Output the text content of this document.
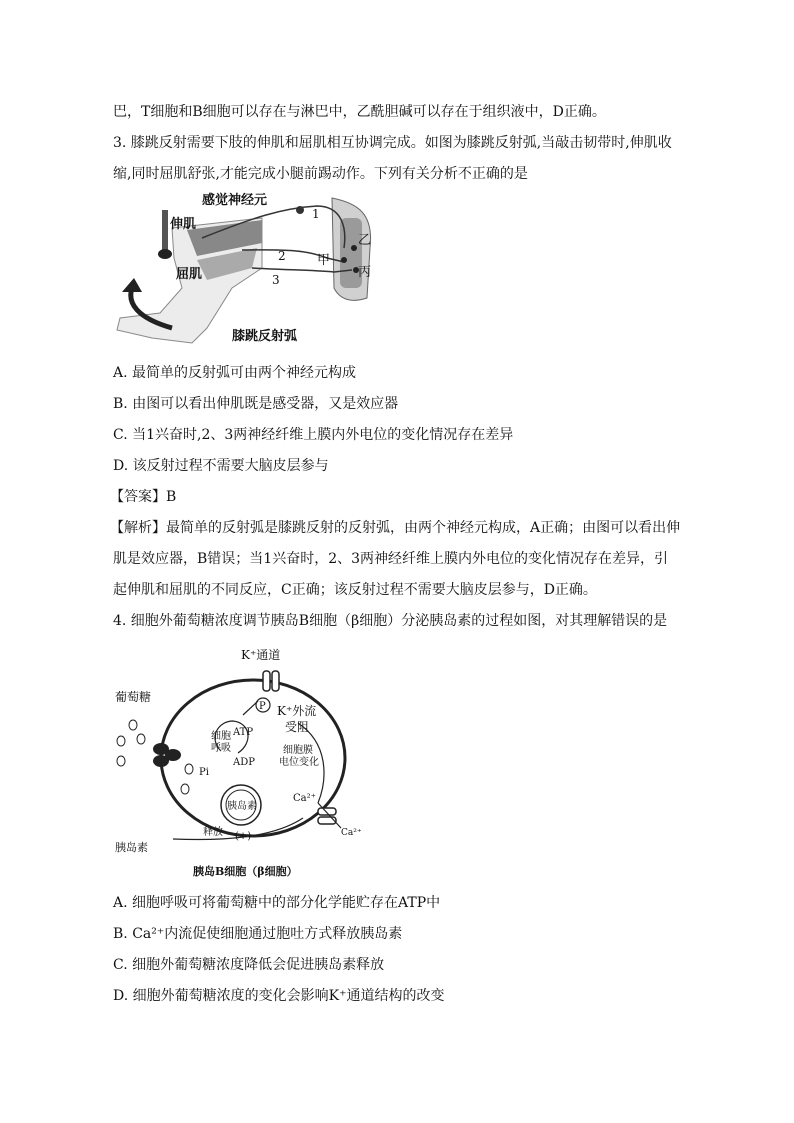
巴，T细胞和B细胞可以存在与淋巴中，乙酰胆碱可以存在于组织液中，D正确。
3. 膝跳反射需要下肢的伸肌和屈肌相互协调完成。如图为膝跳反射弧,当敲击韧带时,伸肌收
缩,同时屈肌舒张,才能完成小腿前踢动作。下列有关分析不正确的是
感觉神经元
伸肌
屈肌
1
2
3
甲
乙
丙
膝跳反射弧
A. 最简单的反射弧可由两个神经元构成
B. 由图可以看出伸肌既是感受器，又是效应器
C. 当1兴奋时,2、3两神经纤维上膜内外电位的变化情况存在差异
D. 该反射过程不需要大脑皮层参与
【答案】B
【解析】最简单的反射弧是膝跳反射的反射弧，由两个神经元构成，A正确；由图可以看出伸
肌是效应器，B错误；当1兴奋时，2、3两神经纤维上膜内外电位的变化情况存在差异，引
起伸肌和屈肌的不同反应，C正确；该反射过程不需要大脑皮层参与，D正确。
4. 细胞外葡萄糖浓度调节胰岛B细胞（β细胞）分泌胰岛素的过程如图，对其理解错误的是
P
K⁺通道
K⁺外流
受阻
葡萄糖
细胞
呼吸
ATP
ADP
Pi
细胞膜
电位变化
Ca²⁺
Ca²⁺
胰岛素
释放 (+)
胰岛素
胰岛B细胞（β细胞）
A. 细胞呼吸可将葡萄糖中的部分化学能贮存在ATP中
B. Ca²⁺内流促使细胞通过胞吐方式释放胰岛素
C. 细胞外葡萄糖浓度降低会促进胰岛素释放
D. 细胞外葡萄糖浓度的变化会影响K⁺通道结构的改变
